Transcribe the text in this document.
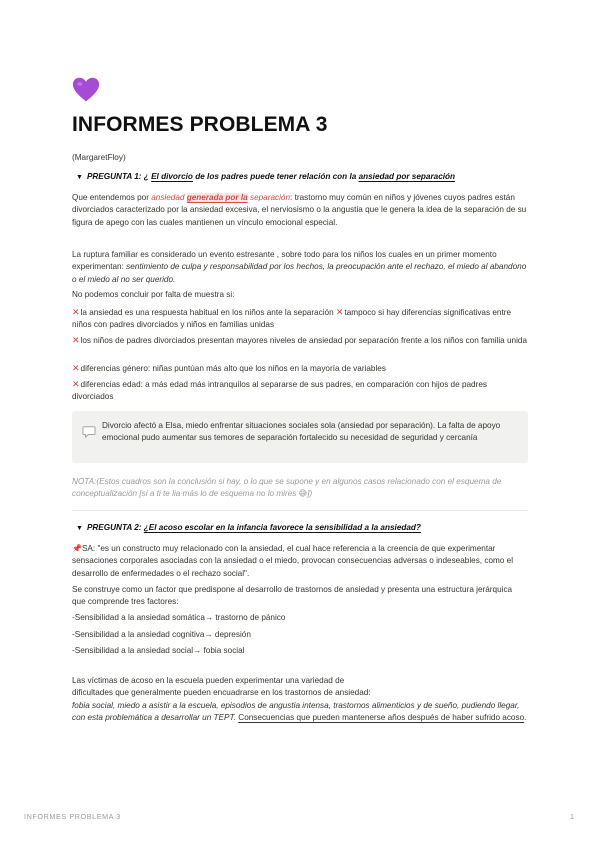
INFORMES PROBLEMA 3
(MargaretFloy)
▼ PREGUNTA 1: ¿ El divorcio de los padres puede tener relación con la ansiedad por separación
Que entendemos por ansiedad generada por la separación: trastorno muy común en niños y jóvenes cuyos padres están divorciados caracterizado por la ansiedad excesiva, el nerviosismo o la angustia que le genera la idea de la separación de su figura de apego con las cuales mantienen un vínculo emocional especial.
La ruptura familiar es considerado un evento estresante , sobre todo para los niños los cuales en un primer momento experimentan: sentimiento de culpa y responsabilidad por los hechos, la preocupación ante el rechazo, el miedo al abandono o el miedo al no ser querido.
No podemos concluir por falta de muestra si:
✕la ansiedad es una respuesta habitual en los niños ante la separación ✕tampoco si hay diferencias significativas entre niños con padres divorciados y niños en familias unidas
✕los niños de padres divorciados presentan mayores niveles de ansiedad por separación frente a los niños con familia unida
✕diferencias género: niñas puntúan más alto que los niños en la mayoría de variables
✕diferencias edad: a más edad más intranquilos al separarse de sus padres, en comparación con hijos de padres divorciados
Divorcio afectó a Elsa, miedo enfrentar situaciones sociales sola (ansiedad por separación). La falta de apoyo emocional pudo aumentar sus temores de separación fortalecido su necesidad de seguridad y cercanía
NOTA:(Estos cuadros son la conclusión si hay, o lo que se supone y en algunos casos relacionado con el esquema de conceptualización [si a ti te lia más lo de esquema no lo mires 😅])
▼ PREGUNTA 2: ¿El acoso escolar en la infancia favorece la sensibilidad a la ansiedad?
📌SA: "es un constructo muy relacionado con la ansiedad, el cual hace referencia a la creencia de que experimentar sensaciones corporales asociadas con la ansiedad o el miedo, provocan consecuencias adversas o indeseables, como el desarrollo de enfermedades o el rechazo social".
Se construye como un factor que predispone al desarrollo de trastornos de ansiedad y presenta una estructura jerárquica que comprende tres factores:
-Sensibilidad a la ansiedad somática→ trastorno de pánico
-Sensibilidad a la ansiedad cognitiva→ depresión
-Sensibilidad a la ansiedad social→ fobia social
Las víctimas de acoso en la escuela pueden experimentar una variedad de
dificultades que generalmente pueden encuadrarse en los trastornos de ansiedad:
fobia social, miedo a asistir a la escuela, episodios de angustia intensa, trastornos alimenticios y de sueño, pudiendo llegar, con esta problemática a desarrollar un TEPT. Consecuencias que pueden mantenerse años después de haber sufrido acoso.
INFORMES PROBLEMA 3	1
